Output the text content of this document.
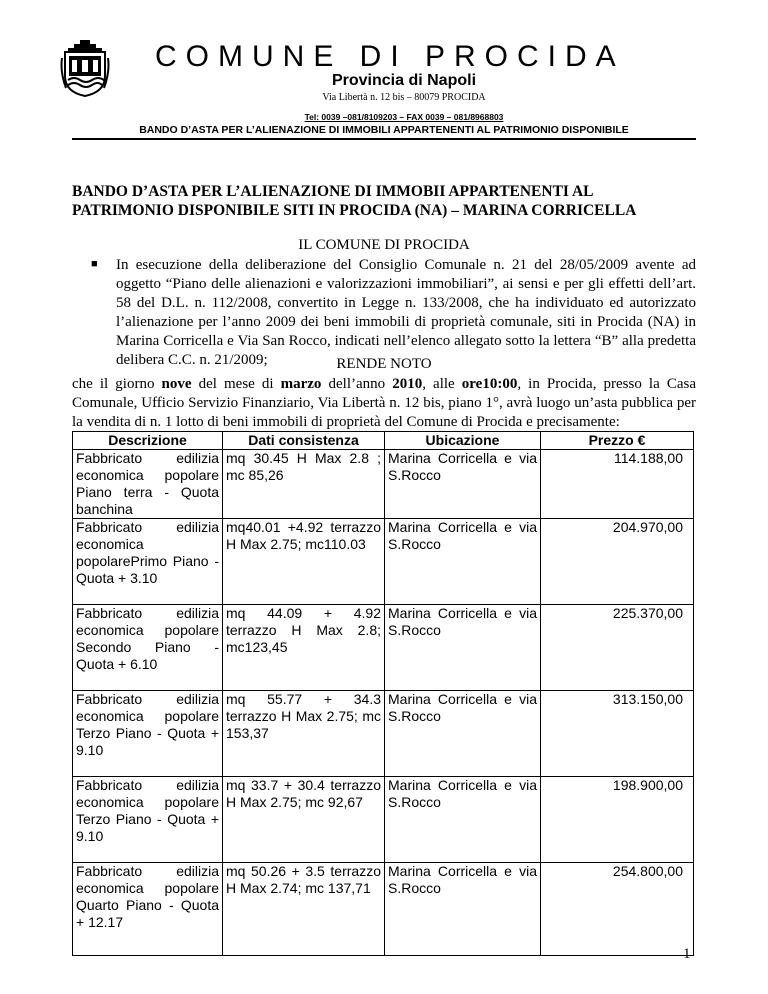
COMUNE DI PROCIDA
Provincia di Napoli
Via Libertà n. 12 bis – 80079 PROCIDA
Tel: 0039 –081/8109203 – FAX 0039 – 081/8968803
BANDO D’ASTA PER L’ALIENAZIONE DI IMMOBILI APPARTENENTI AL PATRIMONIO DISPONIBILE
BANDO D’ASTA PER L’ALIENAZIONE DI IMMOBII APPARTENENTI AL
PATRIMONIO DISPONIBILE SITI IN PROCIDA (NA) – MARINA CORRICELLA
IL COMUNE DI PROCIDA
■ In esecuzione della deliberazione del Consiglio Comunale n. 21 del 28/05/2009 avente ad oggetto “Piano delle alienazioni e valorizzazioni immobiliari”, ai sensi e per gli effetti dell’art. 58 del D.L. n. 112/2008, convertito in Legge n. 133/2008, che ha individuato ed autorizzato l’alienazione per l’anno 2009 dei beni immobili di proprietà comunale, siti in Procida (NA) in Marina Corricella e Via San Rocco, indicati nell’elenco allegato sotto la lettera “B” alla predetta delibera C.C. n. 21/2009;	RENDE NOTO
che il giorno nove del mese di marzo dell’anno 2010, alle ore10:00, in Procida, presso la Casa Comunale, Ufficio Servizio Finanziario, Via Libertà n. 12 bis, piano 1°, avrà luogo un’asta pubblica per la vendita di n. 1 lotto di beni immobili di proprietà del Comune di Procida e precisamente:
Descrizione	Dati consistenza	Ubicazione	Prezzo €
Fabbricato edilizia economica popolare Piano terra - Quota banchina	mq 30.45 H Max 2.8 ; mc 85,26	Marina Corricella e via S.Rocco	114.188,00
Fabbricato edilizia economica popolarePrimo Piano - Quota + 3.10	mq40.01 +4.92 terrazzo H Max 2.75; mc110.03	Marina Corricella e via S.Rocco	204.970,00
Fabbricato edilizia economica popolare Secondo Piano - Quota + 6.10	mq 44.09 + 4.92 terrazzo H Max 2.8; mc123,45	Marina Corricella e via S.Rocco	225.370,00
Fabbricato edilizia economica popolare Terzo Piano - Quota + 9.10	mq 55.77 + 34.3 terrazzo H Max 2.75; mc 153,37	Marina Corricella e via S.Rocco	313.150,00
Fabbricato edilizia economica popolare Terzo Piano - Quota + 9.10	mq 33.7 + 30.4 terrazzo H Max 2.75; mc 92,67	Marina Corricella e via S.Rocco	198.900,00
Fabbricato edilizia economica popolare Quarto Piano - Quota + 12.17	mq 50.26 + 3.5 terrazzo H Max 2.74; mc 137,71	Marina Corricella e via S.Rocco	254.800,00
1
